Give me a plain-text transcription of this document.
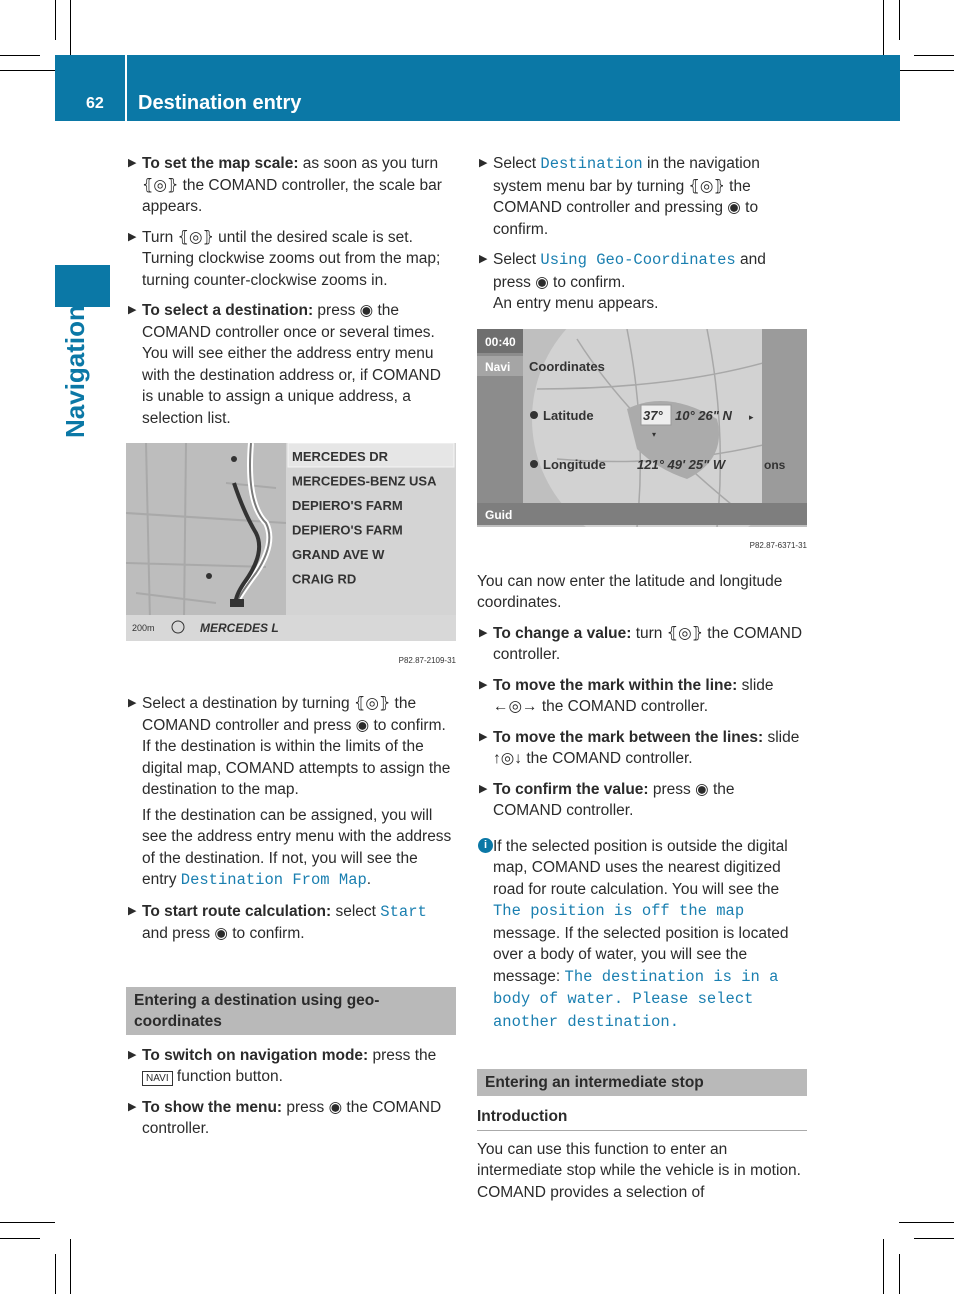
62 Destination entry
Navigation
▶ To set the map scale: as soon as you turn ⦃◎⦄ the COMAND controller, the scale bar appears.
▶ Turn ⦃◎⦄ until the desired scale is set.
Turning clockwise zooms out from the map; turning counter-clockwise zooms in.
▶ To select a destination: press ◉ the COMAND controller once or several times. You will see either the address entry menu with the destination address or, if COMAND is unable to assign a unique address, a selection list.
MERCEDES DR
MERCEDES-BENZ USA
DEPIERO'S FARM
DEPIERO'S FARM
GRAND AVE W
CRAIG RD
200m	MERCEDES L
P82.87-2109-31
▶ Select a destination by turning ⦃◎⦄ the COMAND controller and press ◉ to confirm.
If the destination is within the limits of the digital map, COMAND attempts to assign the destination to the map.
If the destination can be assigned, you will see the address entry menu with the address of the destination. If not, you will see the entry Destination From Map.
▶ To start route calculation: select Start and press ◉ to confirm.
Entering a destination using geo-coordinates
▶ To switch on navigation mode: press the NAVI function button.
▶ To show the menu: press ◉ the COMAND controller.
▶ Select Destination in the navigation system menu bar by turning ⦃◎⦄ the COMAND controller and pressing ◉ to confirm.
▶ Select Using Geo-Coordinates and press ◉ to confirm.
An entry menu appears.
00:40
Navi Coordinates
Latitude	37° 10° 26" N ▸
▾
Longitude 121° 49' 25" W	ons
Guid
P82.87-6371-31
You can now enter the latitude and longitude coordinates.
▶ To change a value: turn ⦃◎⦄ the COMAND controller.
▶ To move the mark within the line: slide ←◎→ the COMAND controller.
▶ To move the mark between the lines: slide ↑◎↓ the COMAND controller.
▶ To confirm the value: press ◉ the COMAND controller.
i If the selected position is outside the digital map, COMAND uses the nearest digitized road for route calculation. You will see the The position is off the map message. If the selected position is located over a body of water, you will see the message: The destination is in a body of water. Please select another destination.
Entering an intermediate stop
Introduction
You can use this function to enter an intermediate stop while the vehicle is in motion. COMAND provides a selection of
